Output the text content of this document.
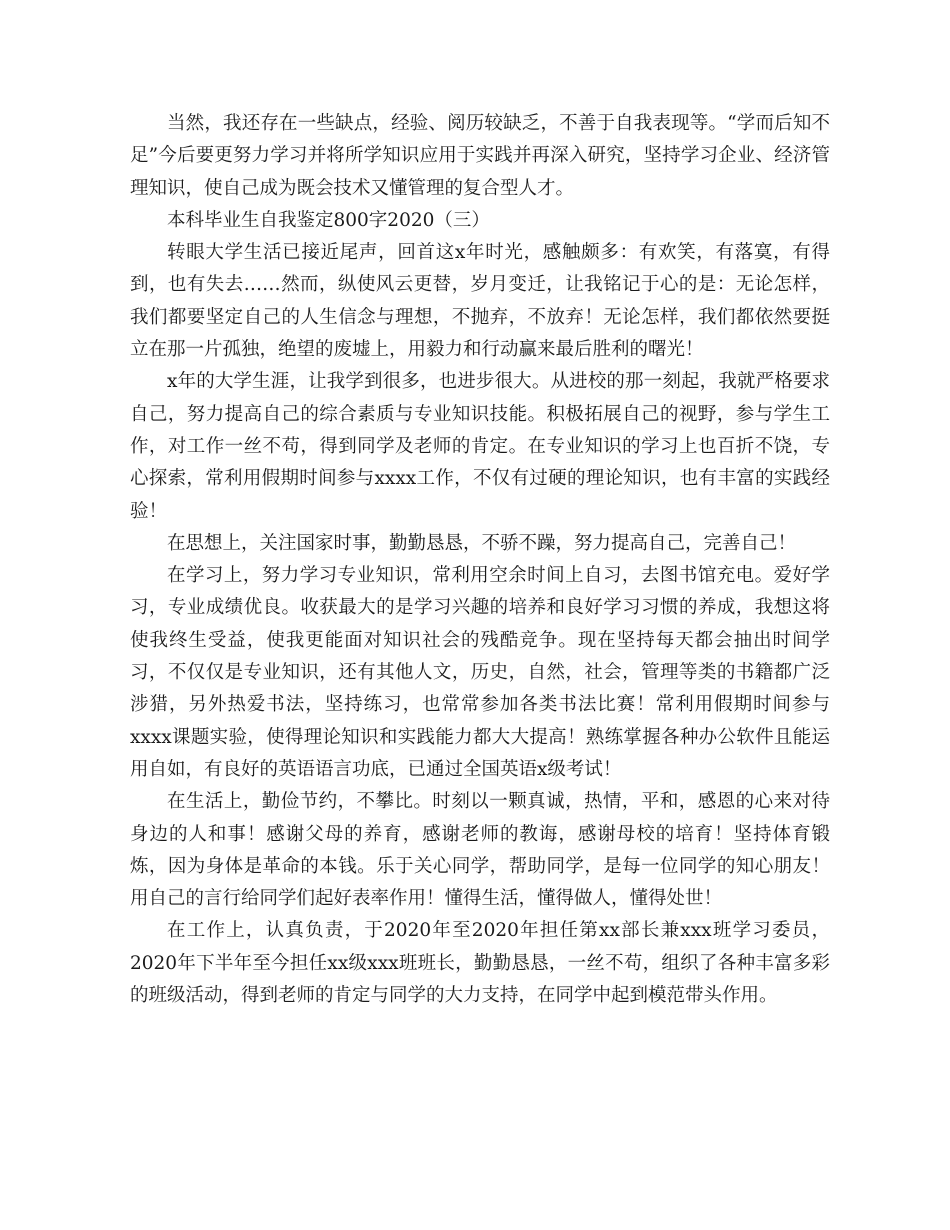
当然，我还存在一些缺点，经验、阅历较缺乏，不善于自我表现等。“学而后知不足”今后要更努力学习并将所学知识应用于实践并再深入研究，坚持学习企业、经济管理知识，使自己成为既会技术又懂管理的复合型人才。

本科毕业生自我鉴定800字2020（三）

转眼大学生活已接近尾声，回首这x年时光，感触颇多：有欢笑，有落寞，有得到，也有失去……然而，纵使风云更替，岁月变迁，让我铭记于心的是：无论怎样，我们都要坚定自己的人生信念与理想，不抛弃，不放弃！无论怎样，我们都依然要挺立在那一片孤独，绝望的废墟上，用毅力和行动赢来最后胜利的曙光！

x年的大学生涯，让我学到很多，也进步很大。从进校的那一刻起，我就严格要求自己，努力提高自己的综合素质与专业知识技能。积极拓展自己的视野，参与学生工作，对工作一丝不苟，得到同学及老师的肯定。在专业知识的学习上也百折不饶，专心探索，常利用假期时间参与xxxx工作，不仅有过硬的理论知识，也有丰富的实践经验！

在思想上，关注国家时事，勤勤恳恳，不骄不躁，努力提高自己，完善自己！

在学习上，努力学习专业知识，常利用空余时间上自习，去图书馆充电。爱好学习，专业成绩优良。收获最大的是学习兴趣的培养和良好学习习惯的养成，我想这将使我终生受益，使我更能面对知识社会的残酷竞争。现在坚持每天都会抽出时间学习，不仅仅是专业知识，还有其他人文，历史，自然，社会，管理等类的书籍都广泛涉猎，另外热爱书法，坚持练习，也常常参加各类书法比赛！常利用假期时间参与xxxx课题实验，使得理论知识和实践能力都大大提高！熟练掌握各种办公软件且能运用自如，有良好的英语语言功底，已通过全国英语x级考试！

在生活上，勤俭节约，不攀比。时刻以一颗真诚，热情，平和，感恩的心来对待身边的人和事！感谢父母的养育，感谢老师的教诲，感谢母校的培育！坚持体育锻炼，因为身体是革命的本钱。乐于关心同学，帮助同学，是每一位同学的知心朋友！用自己的言行给同学们起好表率作用！懂得生活，懂得做人，懂得处世！

在工作上，认真负责，于2020年至2020年担任第xx部长兼xxx班学习委员，2020年下半年至今担任xx级xxx班班长，勤勤恳恳，一丝不苟，组织了各种丰富多彩的班级活动，得到老师的肯定与同学的大力支持，在同学中起到模范带头作用。
